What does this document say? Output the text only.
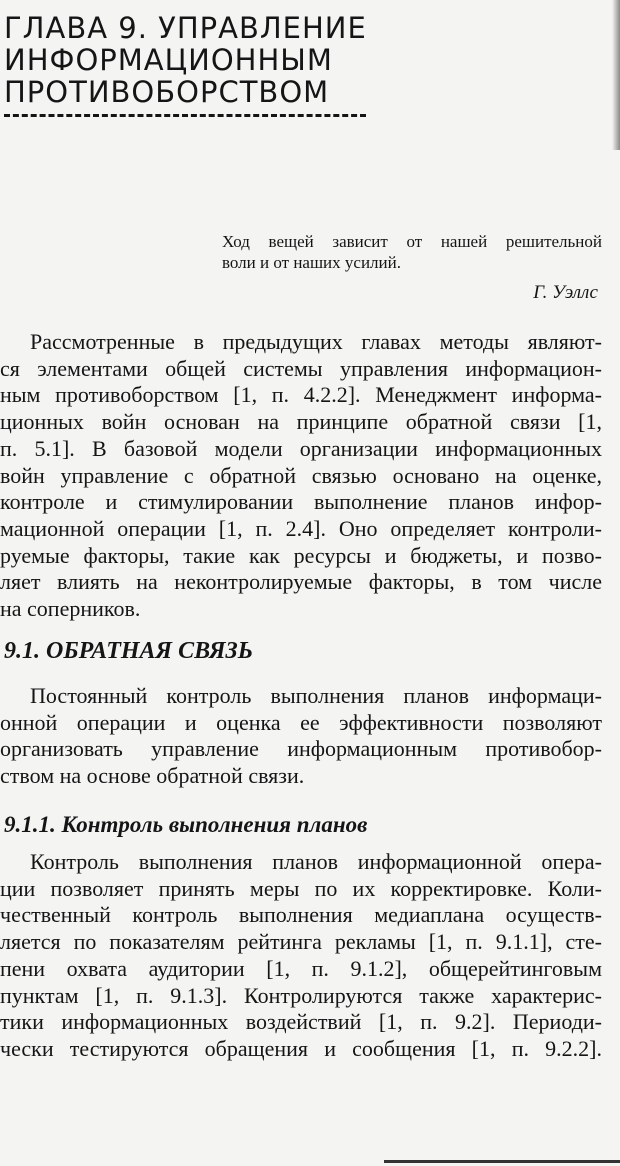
ГЛАВА 9. УПРАВЛЕНИЕ
ИНФОРМАЦИОННЫМ
ПРОТИВОБОРСТВОМ
Ход вещей зависит от нашей решительной
воли и от наших усилий.
Г. Уэллс
Рассмотренные в предыдущих главах методы являют-
ся элементами общей системы управления информацион-
ным противоборством [1, п. 4.2.2]. Менеджмент информа-
ционных войн основан на принципе обратной связи [1,
п. 5.1]. В базовой модели организации информационных
войн управление с обратной связью основано на оценке,
контроле и стимулировании выполнение планов инфор-
мационной операции [1, п. 2.4]. Оно определяет контроли-
руемые факторы, такие как ресурсы и бюджеты, и позво-
ляет влиять на неконтролируемые факторы, в том числе
на соперников.
9.1. ОБРАТНАЯ СВЯЗЬ
Постоянный контроль выполнения планов информаци-
онной операции и оценка ее эффективности позволяют
организовать управление информационным противобор-
ством на основе обратной связи.
9.1.1. Контроль выполнения планов
Контроль выполнения планов информационной опера-
ции позволяет принять меры по их корректировке. Коли-
чественный контроль выполнения медиаплана осуществ-
ляется по показателям рейтинга рекламы [1, п. 9.1.1], сте-
пени охвата аудитории [1, п. 9.1.2], общерейтинговым
пунктам [1, п. 9.1.3]. Контролируются также характерис-
тики информационных воздействий [1, п. 9.2]. Периоди-
чески тестируются обращения и сообщения [1, п. 9.2.2].
